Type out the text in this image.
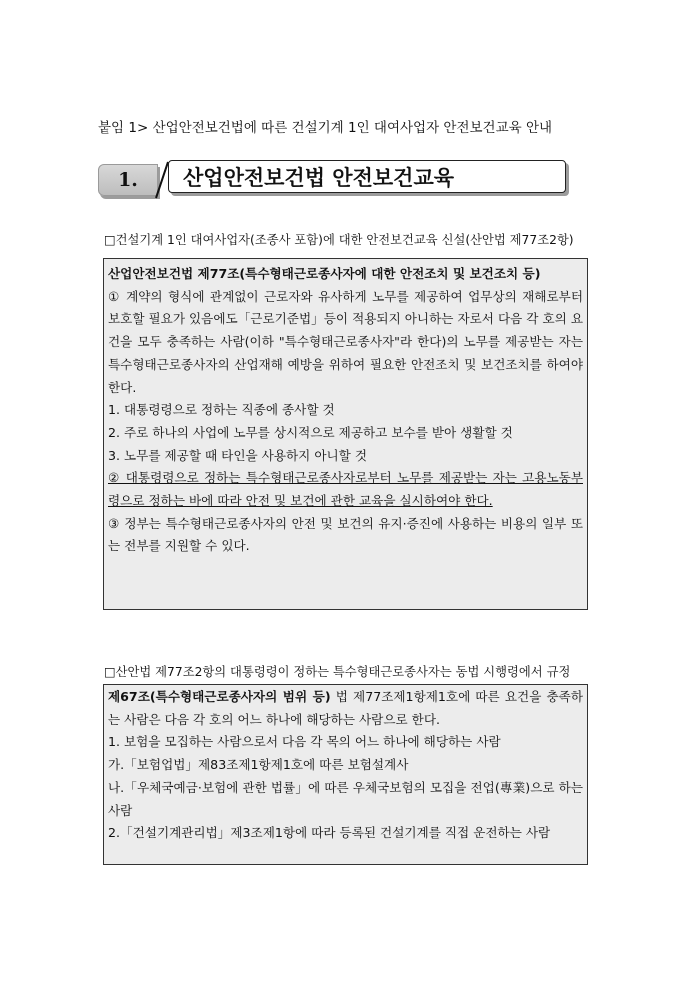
붙임 1> 산업안전보건법에 따른 건설기계 1인 대여사업자 안전보건교육 안내
1.	산업안전보건법 안전보건교육
□건설기계 1인 대여사업자(조종사 포함)에 대한 안전보건교육 신설(산안법 제77조2항)

산업안전보건법 제77조(특수형태근로종사자에 대한 안전조치 및 보건조치 등)

① 계약의 형식에 관계없이 근로자와 유사하게 노무를 제공하여 업무상의 재해로부터 보호할 필요가 있음에도「근로기준법」등이 적용되지 아니하는 자로서 다음 각 호의 요건을 모두 충족하는 사람(이하 "특수형태근로종사자"라 한다)의 노무를 제공받는 자는 특수형태근로종사자의 산업재해 예방을 위하여 필요한 안전조치 및 보건조치를 하여야 한다.

1. 대통령령으로 정하는 직종에 종사할 것

2. 주로 하나의 사업에 노무를 상시적으로 제공하고 보수를 받아 생활할 것

3. 노무를 제공할 때 타인을 사용하지 아니할 것

② 대통령령으로 정하는 특수형태근로종사자로부터 노무를 제공받는 자는 고용노동부령으로 정하는 바에 따라 안전 및 보건에 관한 교육을 실시하여야 한다.

③ 정부는 특수형태근로종사자의 안전 및 보건의 유지·증진에 사용하는 비용의 일부 또는 전부를 지원할 수 있다.

□산안법 제77조2항의 대통령령이 정하는 특수형태근로종사자는 동법 시행령에서 규정

제67조(특수형태근로종사자의 범위 등) 법 제77조제1항제1호에 따른 요건을 충족하는 사람은 다음 각 호의 어느 하나에 해당하는 사람으로 한다.

1. 보험을 모집하는 사람으로서 다음 각 목의 어느 하나에 해당하는 사람

가.「보험업법」제83조제1항제1호에 따른 보험설계사

나.「우체국예금·보험에 관한 법률」에 따른 우체국보험의 모집을 전업(專業)으로 하는 사람

2.「건설기계관리법」제3조제1항에 따라 등록된 건설기계를 직접 운전하는 사람
